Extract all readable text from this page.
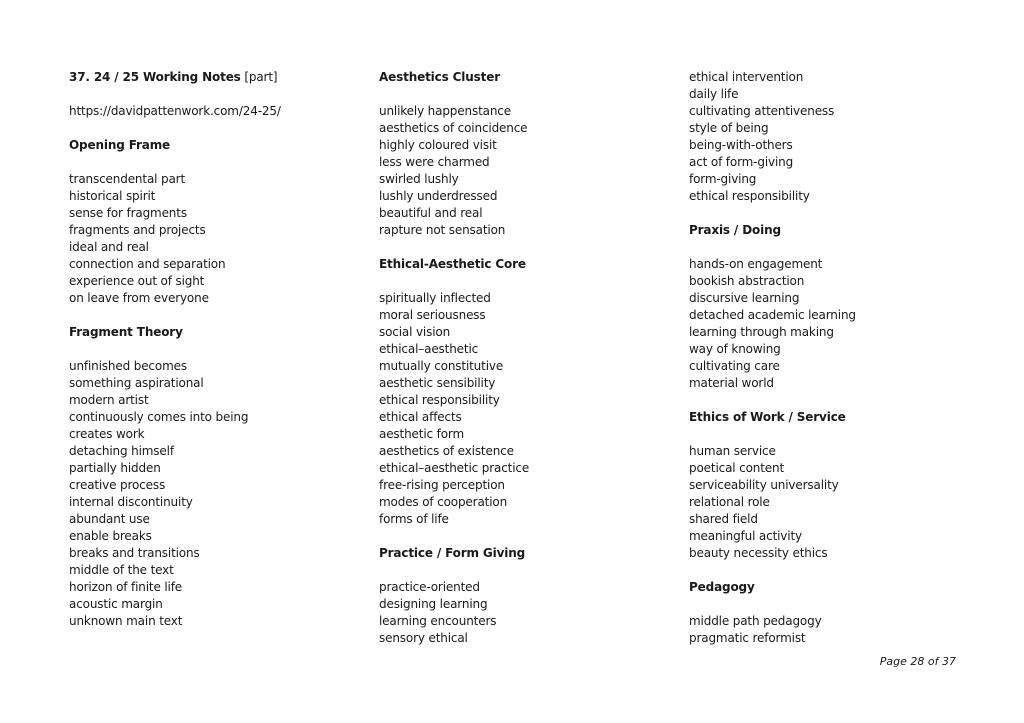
37. 24 / 25 Working Notes [part]
https://davidpattenwork.com/24-25/
Opening Frame
transcendental part
historical spirit
sense for fragments
fragments and projects
ideal and real
connection and separation
experience out of sight
on leave from everyone
Fragment Theory
unfinished becomes
something aspirational
modern artist
continuously comes into being
creates work
detaching himself
partially hidden
creative process
internal discontinuity
abundant use
enable breaks
breaks and transitions
middle of the text
horizon of finite life
acoustic margin
unknown main text
Aesthetics Cluster
unlikely happenstance
aesthetics of coincidence
highly coloured visit
less were charmed
swirled lushly
lushly underdressed
beautiful and real
rapture not sensation
Ethical-Aesthetic Core
spiritually inflected
moral seriousness
social vision
ethical–aesthetic
mutually constitutive
aesthetic sensibility
ethical responsibility
ethical affects
aesthetic form
aesthetics of existence
ethical–aesthetic practice
free-rising perception
modes of cooperation
forms of life
Practice / Form Giving
practice-oriented
designing learning
learning encounters
sensory ethical
ethical intervention
daily life
cultivating attentiveness
style of being
being-with-others
act of form-giving
form-giving
ethical responsibility
Praxis / Doing
hands-on engagement
bookish abstraction
discursive learning
detached academic learning
learning through making
way of knowing
cultivating care
material world
Ethics of Work / Service
human service
poetical content
serviceability universality
relational role
shared field
meaningful activity
beauty necessity ethics
Pedagogy
middle path pedagogy
pragmatic reformist
Page 28 of 37
